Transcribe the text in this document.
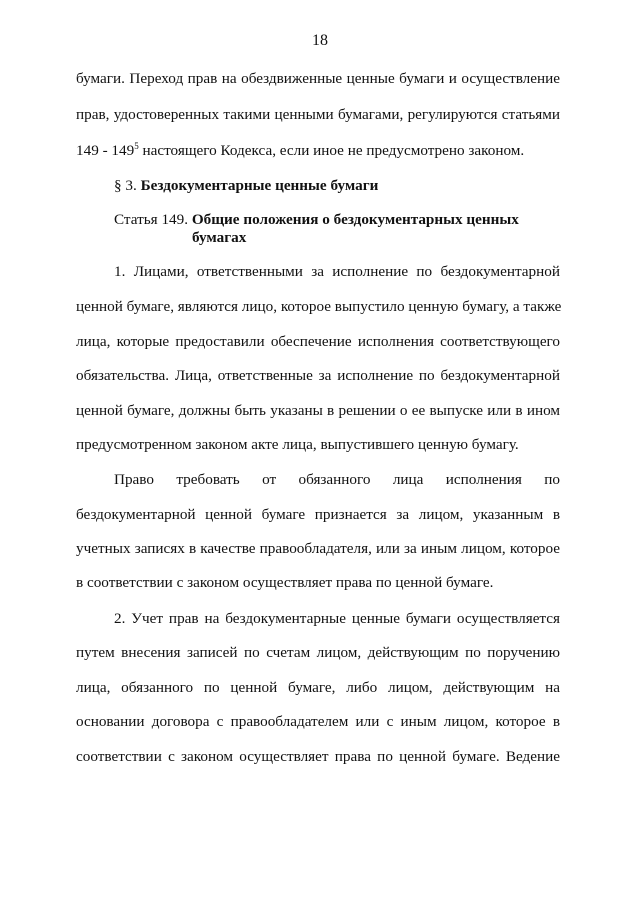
18
бумаги. Переход прав на обездвиженные ценные бумаги и осуществление
прав, удостоверенных такими ценными бумагами, регулируются статьями
$149 - 149^5$ настоящего Кодекса, если иное не предусмотрено законом.
§ 3. Бездокументарные ценные бумаги
Статья 149. Общие положения о бездокументарных ценных
бумагах
1. Лицами, ответственными за исполнение по бездокументарной
ценной бумаге, являются лицо, которое выпустило ценную бумагу, а также
лица, которые предоставили обеспечение исполнения соответствующего
обязательства. Лица, ответственные за исполнение по бездокументарной
ценной бумаге, должны быть указаны в решении о ее выпуске или в ином
предусмотренном законом акте лица, выпустившего ценную бумагу.
Право требовать от обязанного лица исполнения по
бездокументарной ценной бумаге признается за лицом, указанным в
учетных записях в качестве правообладателя, или за иным лицом, которое
в соответствии с законом осуществляет права по ценной бумаге.
2. Учет прав на бездокументарные ценные бумаги осуществляется
путем внесения записей по счетам лицом, действующим по поручению
лица, обязанного по ценной бумаге, либо лицом, действующим на
основании договора с правообладателем или с иным лицом, которое в
соответствии с законом осуществляет права по ценной бумаге. Ведение
